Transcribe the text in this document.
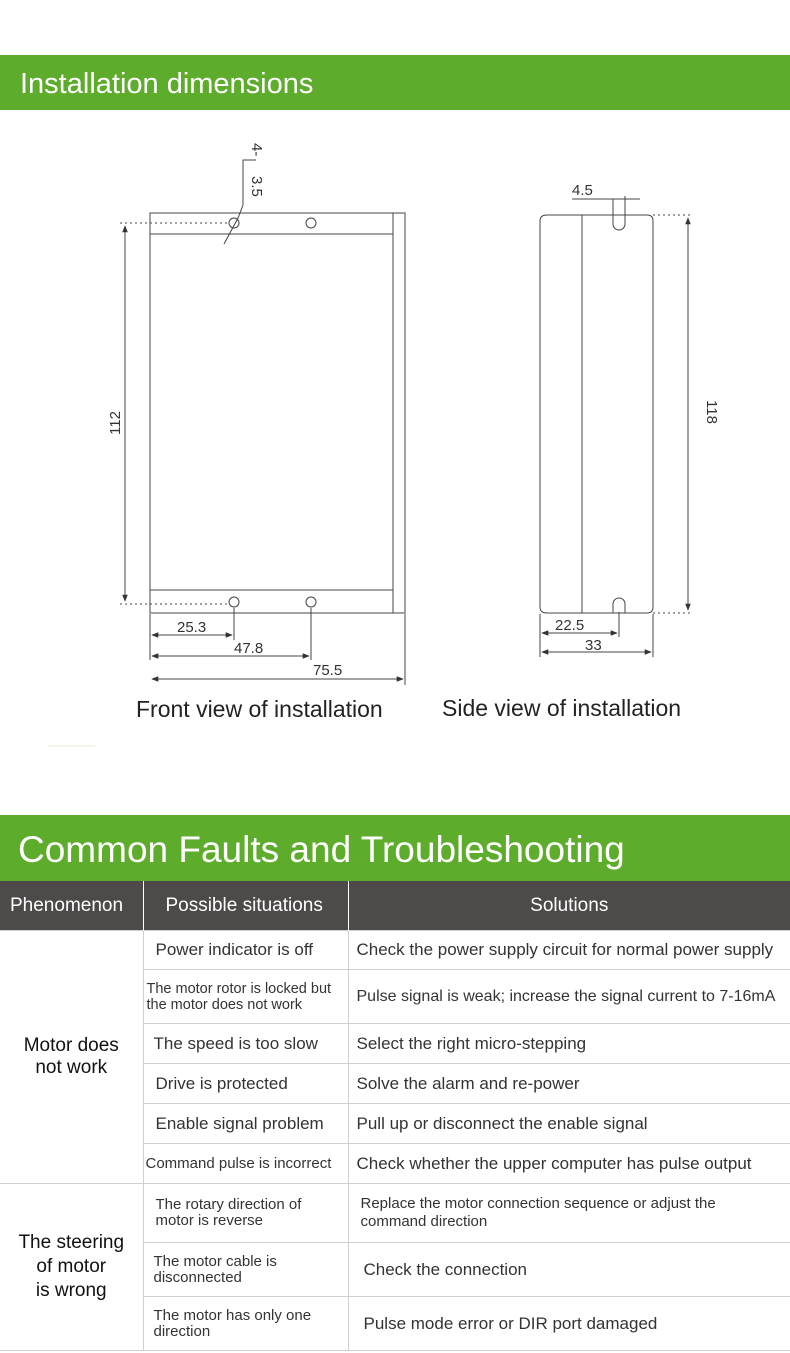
Installation dimensions
4-
3.5
112
25.3
47.8
75.5
4.5
118
22.5
33
Front view of installation	Side view of installation
Common Faults and Troubleshooting
Phenomenon	Possible situations	Solutions

Motor does
not work	Power indicator is off	Check the power supply circuit for normal power supply
	The motor rotor is locked but the motor does not work	Pulse signal is weak; increase the signal current to 7-16mA
	The speed is too slow	Select the right micro-stepping
	Drive is protected	Solve the alarm and re-power
	Enable signal problem	Pull up or disconnect the enable signal
	Command pulse is incorrect	Check whether the upper computer has pulse output

The steering
of motor
is wrong	The rotary direction of motor is reverse	Replace the motor connection sequence or adjust the command direction
	The motor cable is disconnected	Check the connection
	The motor has only one direction	Pulse mode error or DIR port damaged
